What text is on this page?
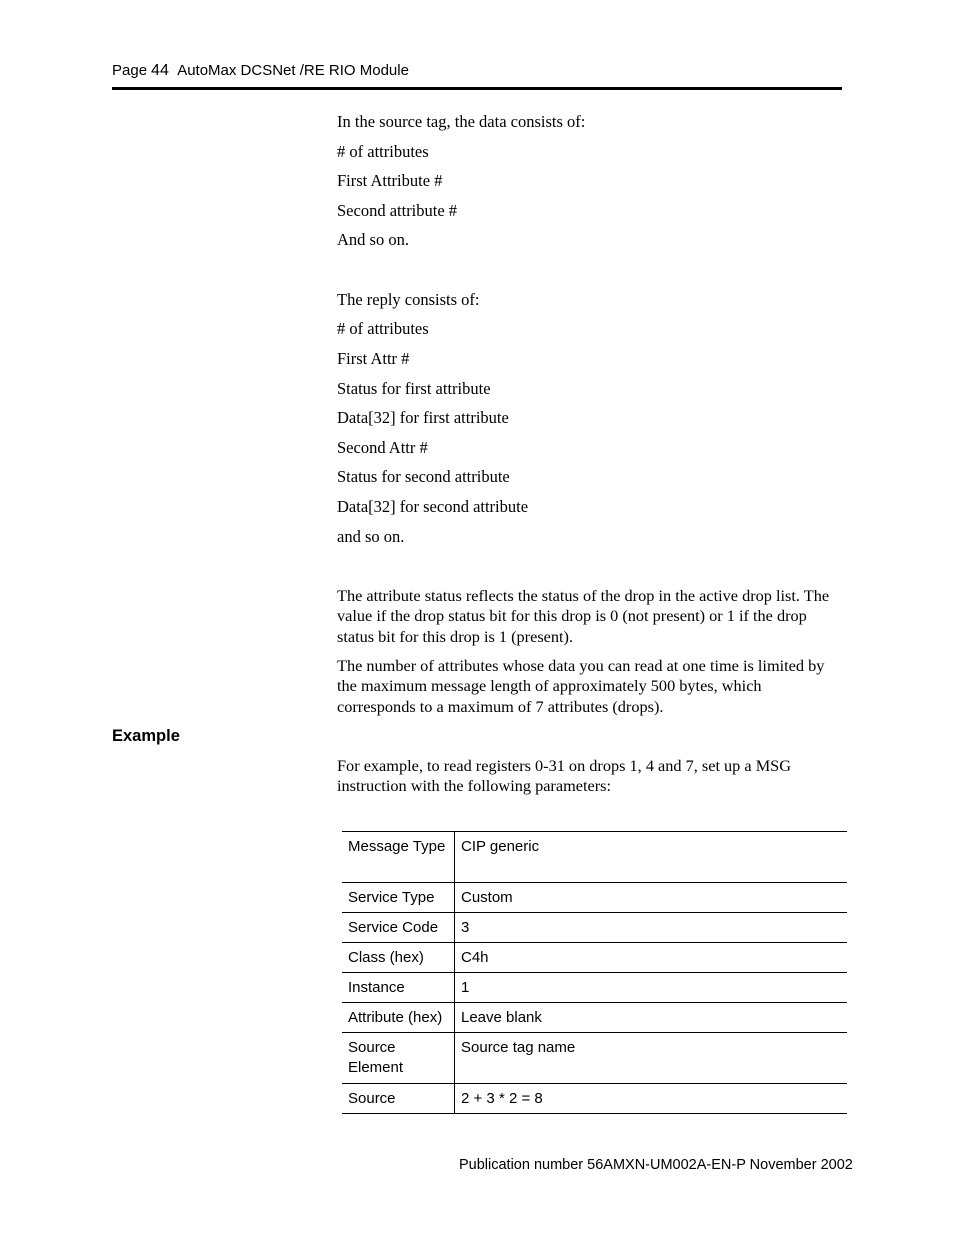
Page 44 AutoMax DCSNet /RE RIO Module
In the source tag, the data consists of:
# of attributes
First Attribute #
Second attribute #
And so on.
The reply consists of:
# of attributes
First Attr #
Status for first attribute
Data[32] for first attribute
Second Attr #
Status for second attribute
Data[32] for second attribute
and so on.

The attribute status reflects the status of the drop in the active drop list. The value if the drop status bit for this drop is 0 (not present) or 1 if the drop status bit for this drop is 1 (present).

The number of attributes whose data you can read at one time is limited by the maximum message length of approximately 500 bytes, which corresponds to a maximum of 7 attributes (drops).

Example

For example, to read registers 0-31 on drops 1, 4 and 7, set up a MSG instruction with the following parameters:

Message Type	CIP generic
Service Type	Custom
Service Code	3
Class (hex)	C4h
Instance	1
Attribute (hex)	Leave blank
Source Element	Source tag name
Source	2 + 3 * 2 = 8
Publication number 56AMXN-UM002A-EN-P November 2002
